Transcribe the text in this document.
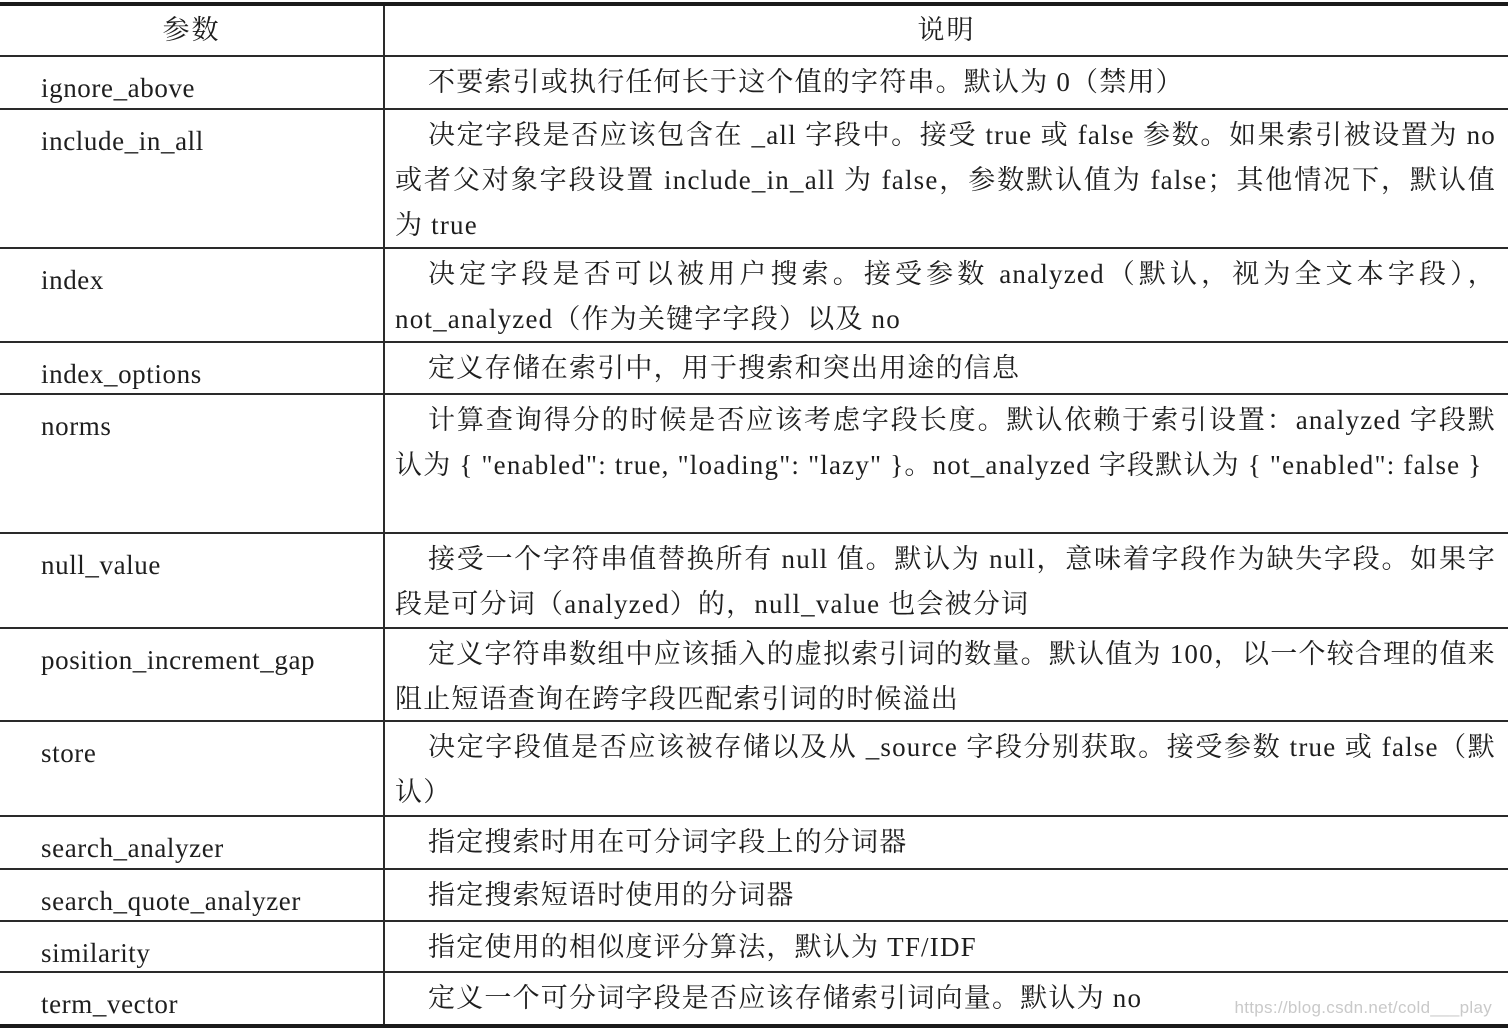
参数	说明
ignore_above	不要索引或执行任何长于这个值的字符串。默认为 0（禁用）
include_in_all	决定字段是否应该包含在 _all 字段中。接受 true 或 false 参数。如果索引被设置为 no 或者父对象字段设置 include_in_all 为 false，参数默认值为 false；其他情况下，默认值为 true
index	决定字段是否可以被用户搜索。接受参数 analyzed（默认，视为全文本字段），not_analyzed（作为关键字字段）以及 no
index_options	定义存储在索引中，用于搜索和突出用途的信息
norms	计算查询得分的时候是否应该考虑字段长度。默认依赖于索引设置：analyzed 字段默认为 { "enabled": true, "loading": "lazy" }。not_analyzed 字段默认为 { "enabled": false }
null_value	接受一个字符串值替换所有 null 值。默认为 null，意味着字段作为缺失字段。如果字段是可分词（analyzed）的，null_value 也会被分词
position_increment_gap	定义字符串数组中应该插入的虚拟索引词的数量。默认值为 100，以一个较合理的值来阻止短语查询在跨字段匹配索引词的时候溢出
store	决定字段值是否应该被存储以及从 _source 字段分别获取。接受参数 true 或 false（默认）
search_analyzer	指定搜索时用在可分词字段上的分词器
search_quote_analyzer	指定搜索短语时使用的分词器
similarity	指定使用的相似度评分算法，默认为 TF/IDF
term_vector	定义一个可分词字段是否应该存储索引词向量。默认为 no	https://blog.csdn.net/cold___play
